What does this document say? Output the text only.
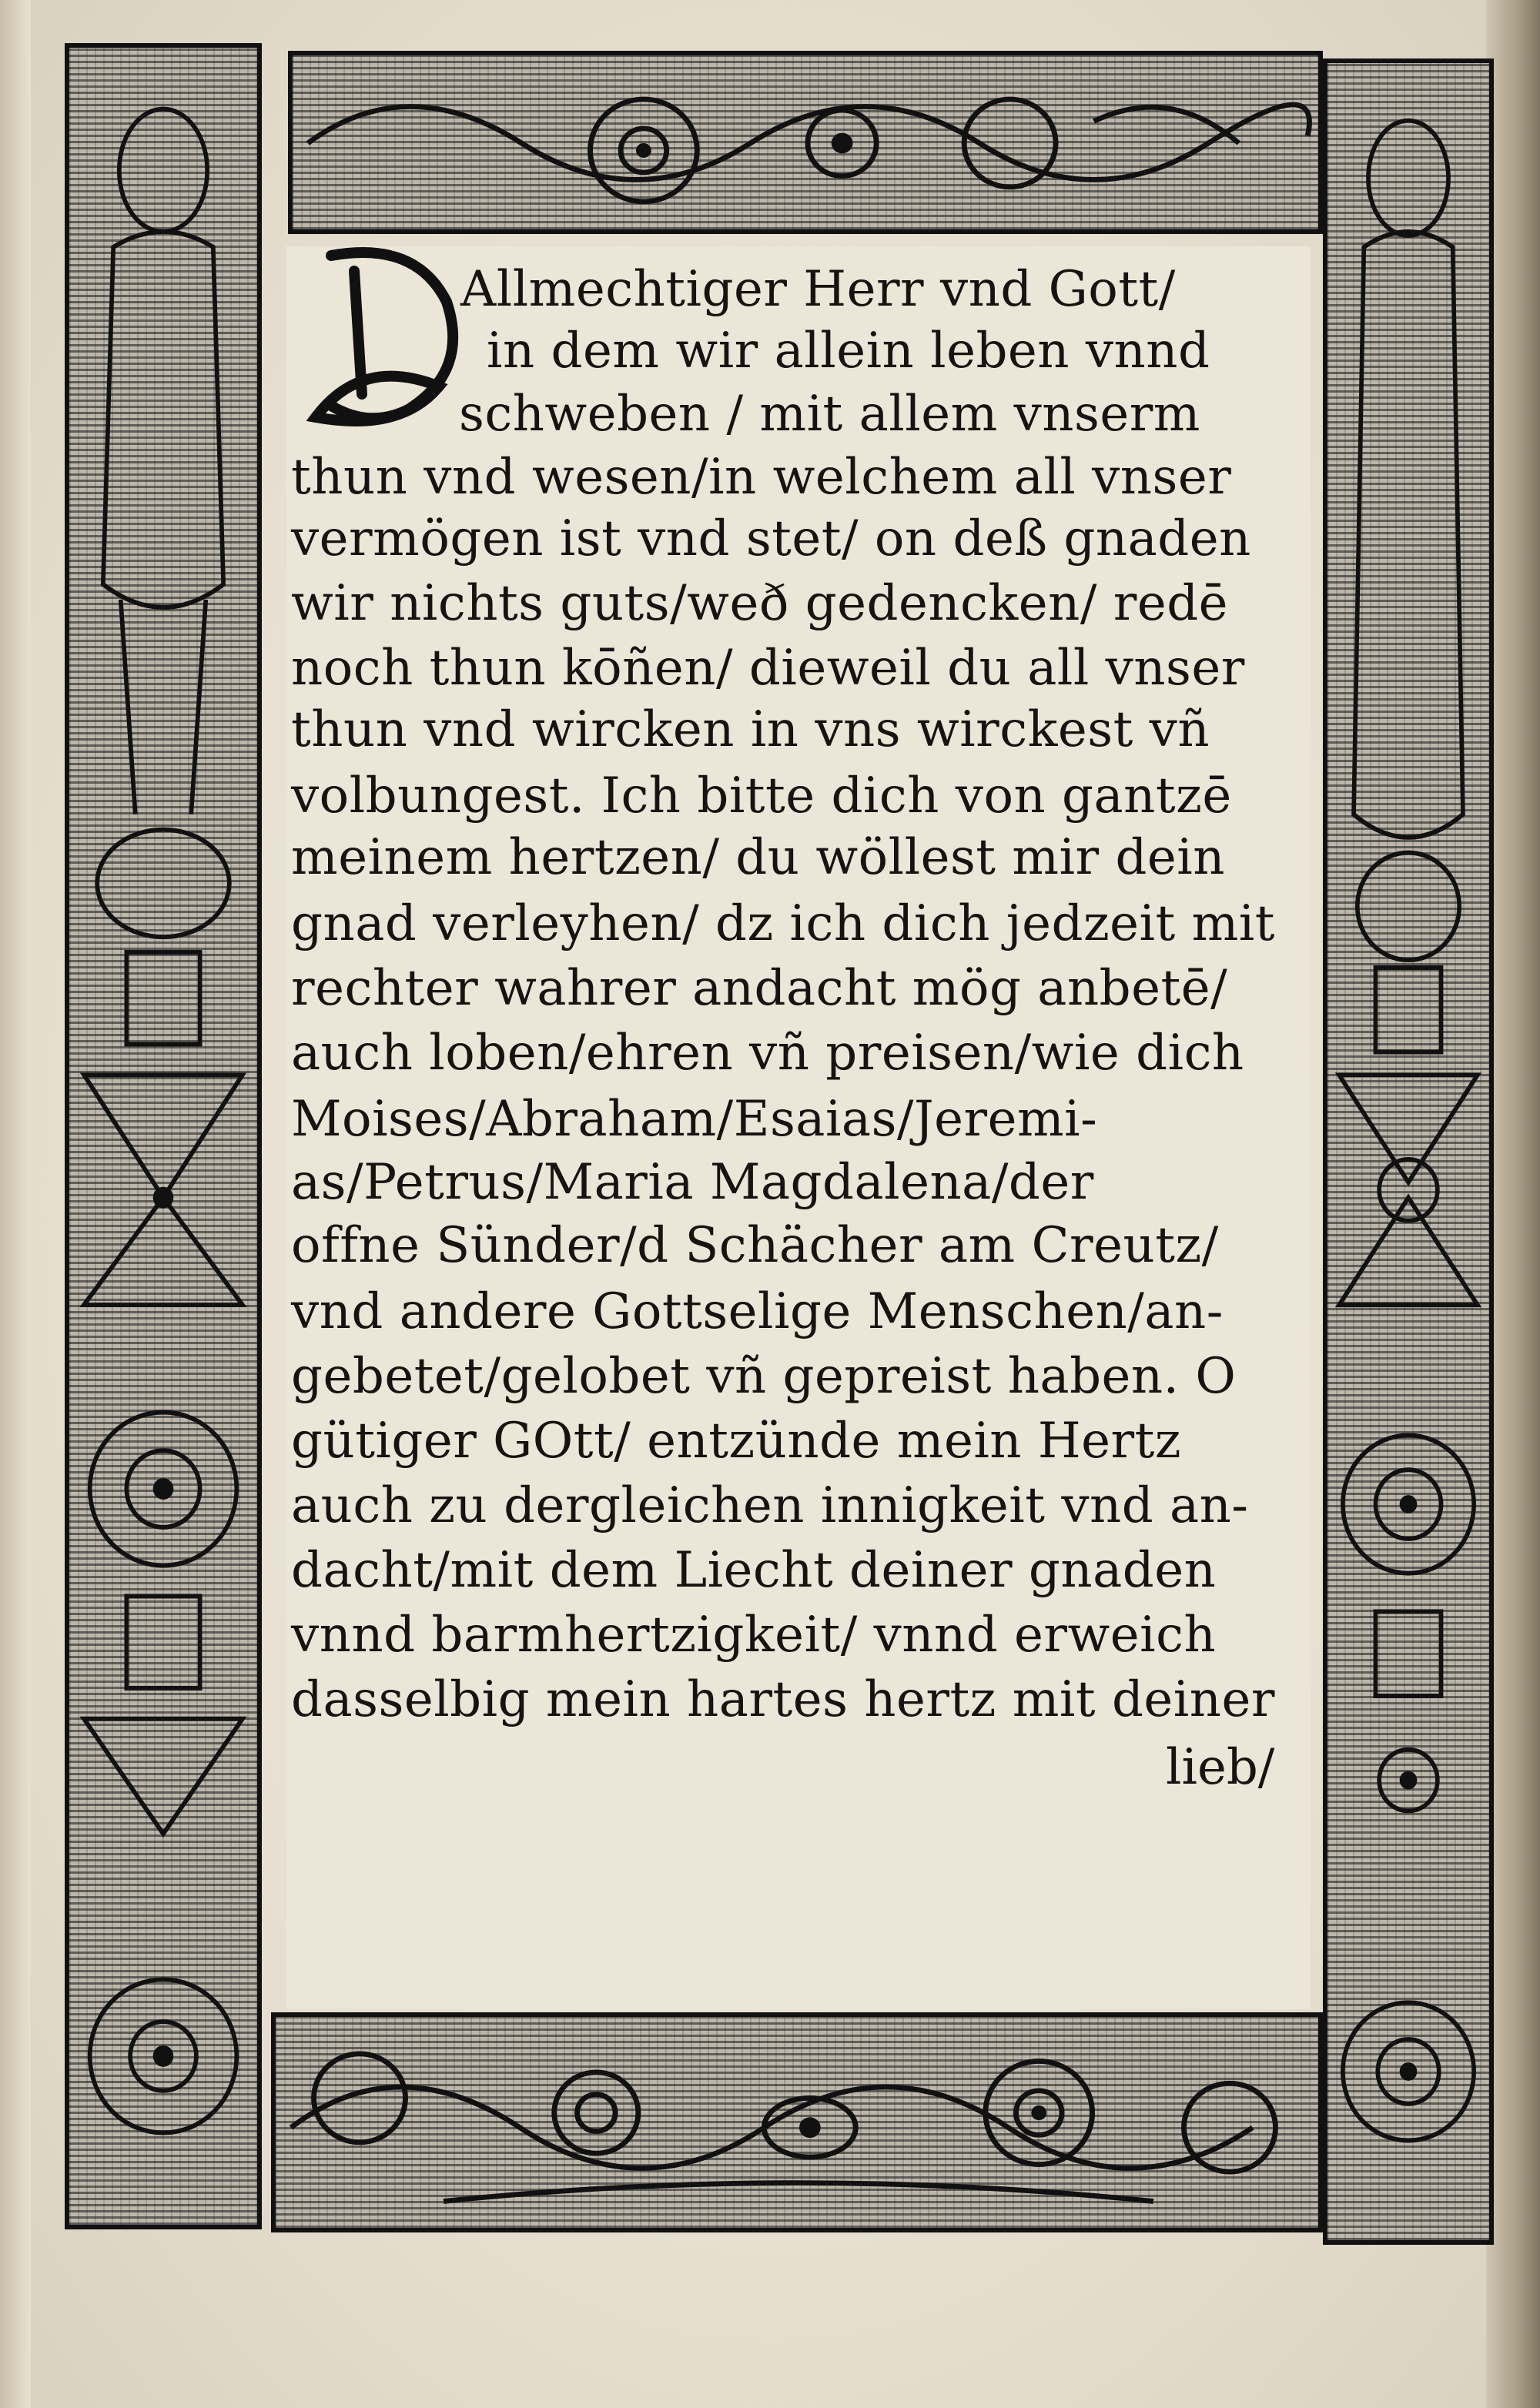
Allmechtiger Herr vnd Gott/
in dem wir allein leben vnnd
schweben / mit allem vnserm
thun vnd wesen/in welchem all vnser
vermögen ist vnd stet/ on deß gnaden
wir nichts guts/weð gedencken/ redē
noch thun kōñen/ dieweil du all vnser
thun vnd wircken in vns wirckest vñ
volbungest. Ich bitte dich von gantzē
meinem hertzen/ du wöllest mir dein
gnad verleyhen/ dz ich dich jedzeit mit
rechter wahrer andacht mög anbetē/
auch loben/ehren vñ preisen/wie dich
Moises/Abraham/Esaias/Jeremi-
as/Petrus/Maria Magdalena/der
offne Sünder/d Schächer am Creutz/
vnd andere Gottselige Menschen/an-
gebetet/gelobet vñ gepreist haben. O
gütiger GOtt/ entzünde mein Hertz
auch zu dergleichen innigkeit vnd an-
dacht/mit dem Liecht deiner gnaden
vnnd barmhertzigkeit/ vnnd erweich
dasselbig mein hartes hertz mit deiner
lieb/
